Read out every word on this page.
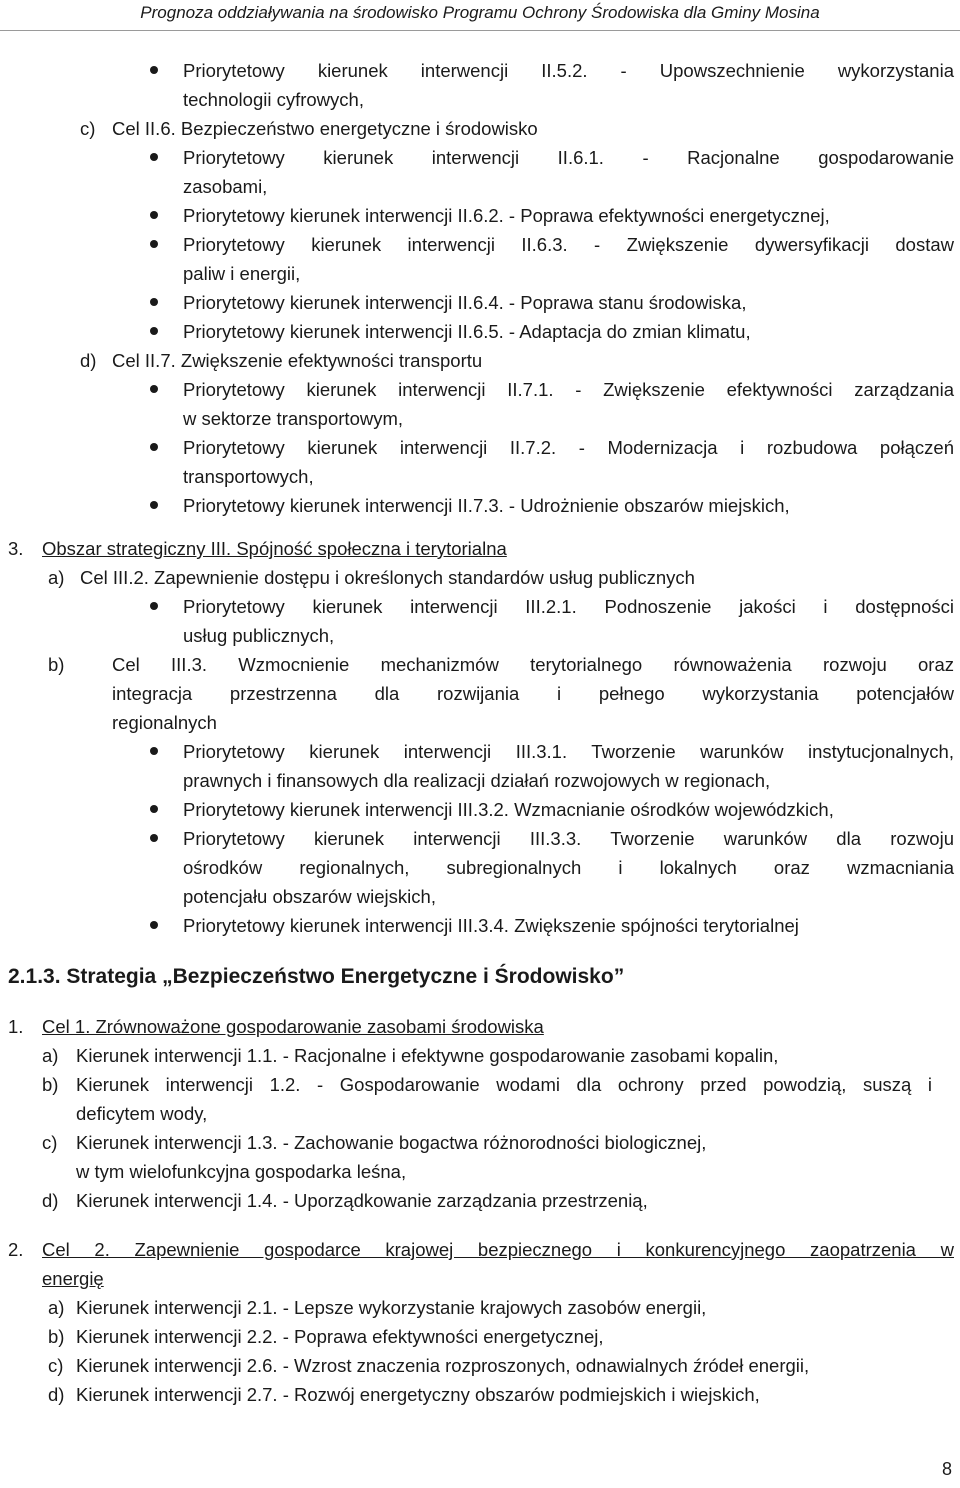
Prognoza oddziaływania na środowisko Programu Ochrony Środowiska dla Gminy Mosina
Priorytetowy kierunek interwencji II.5.2. - Upowszechnienie wykorzystania
technologii cyfrowych,
c) Cel II.6. Bezpieczeństwo energetyczne i środowisko
Priorytetowy kierunek interwencji II.6.1. - Racjonalne gospodarowanie
zasobami,
Priorytetowy kierunek interwencji II.6.2. - Poprawa efektywności energetycznej,
Priorytetowy kierunek interwencji II.6.3. - Zwiększenie dywersyfikacji dostaw
paliw i energii,
Priorytetowy kierunek interwencji II.6.4. - Poprawa stanu środowiska,
Priorytetowy kierunek interwencji II.6.5. - Adaptacja do zmian klimatu,
d) Cel II.7. Zwiększenie efektywności transportu
Priorytetowy kierunek interwencji II.7.1. - Zwiększenie efektywności zarządzania
w sektorze transportowym,
Priorytetowy kierunek interwencji II.7.2. - Modernizacja i rozbudowa połączeń
transportowych,
Priorytetowy kierunek interwencji II.7.3. - Udrożnienie obszarów miejskich,
3. Obszar strategiczny III. Spójność społeczna i terytorialna
a) Cel III.2. Zapewnienie dostępu i określonych standardów usług publicznych
Priorytetowy kierunek interwencji III.2.1. Podnoszenie jakości i dostępności
usług publicznych,
b)	Cel III.3. Wzmocnienie mechanizmów terytorialnego równoważenia rozwoju oraz
integracja przestrzenna dla rozwijania i pełnego wykorzystania potencjałów
regionalnych
Priorytetowy kierunek interwencji III.3.1. Tworzenie warunków instytucjonalnych,
prawnych i finansowych dla realizacji działań rozwojowych w regionach,
Priorytetowy kierunek interwencji III.3.2. Wzmacnianie ośrodków wojewódzkich,
Priorytetowy kierunek interwencji III.3.3. Tworzenie warunków dla rozwoju
ośrodków regionalnych, subregionalnych i lokalnych oraz wzmacniania
potencjału obszarów wiejskich,
Priorytetowy kierunek interwencji III.3.4. Zwiększenie spójności terytorialnej
2.1.3. Strategia „Bezpieczeństwo Energetyczne i Środowisko”
1. Cel 1. Zrównoważone gospodarowanie zasobami środowiska
a) Kierunek interwencji 1.1. - Racjonalne i efektywne gospodarowanie zasobami kopalin,
b) Kierunek interwencji 1.2. - Gospodarowanie wodami dla ochrony przed powodzią, suszą i
deficytem wody,
c) Kierunek interwencji 1.3. - Zachowanie bogactwa różnorodności biologicznej,
w tym wielofunkcyjna gospodarka leśna,
d) Kierunek interwencji 1.4. - Uporządkowanie zarządzania przestrzenią,
2. Cel 2. Zapewnienie gospodarce krajowej bezpiecznego i konkurencyjnego zaopatrzenia w
energię
a) Kierunek interwencji 2.1. - Lepsze wykorzystanie krajowych zasobów energii,
b) Kierunek interwencji 2.2. - Poprawa efektywności energetycznej,
c) Kierunek interwencji 2.6. - Wzrost znaczenia rozproszonych, odnawialnych źródeł energii,
d) Kierunek interwencji 2.7. - Rozwój energetyczny obszarów podmiejskich i wiejskich,
8
